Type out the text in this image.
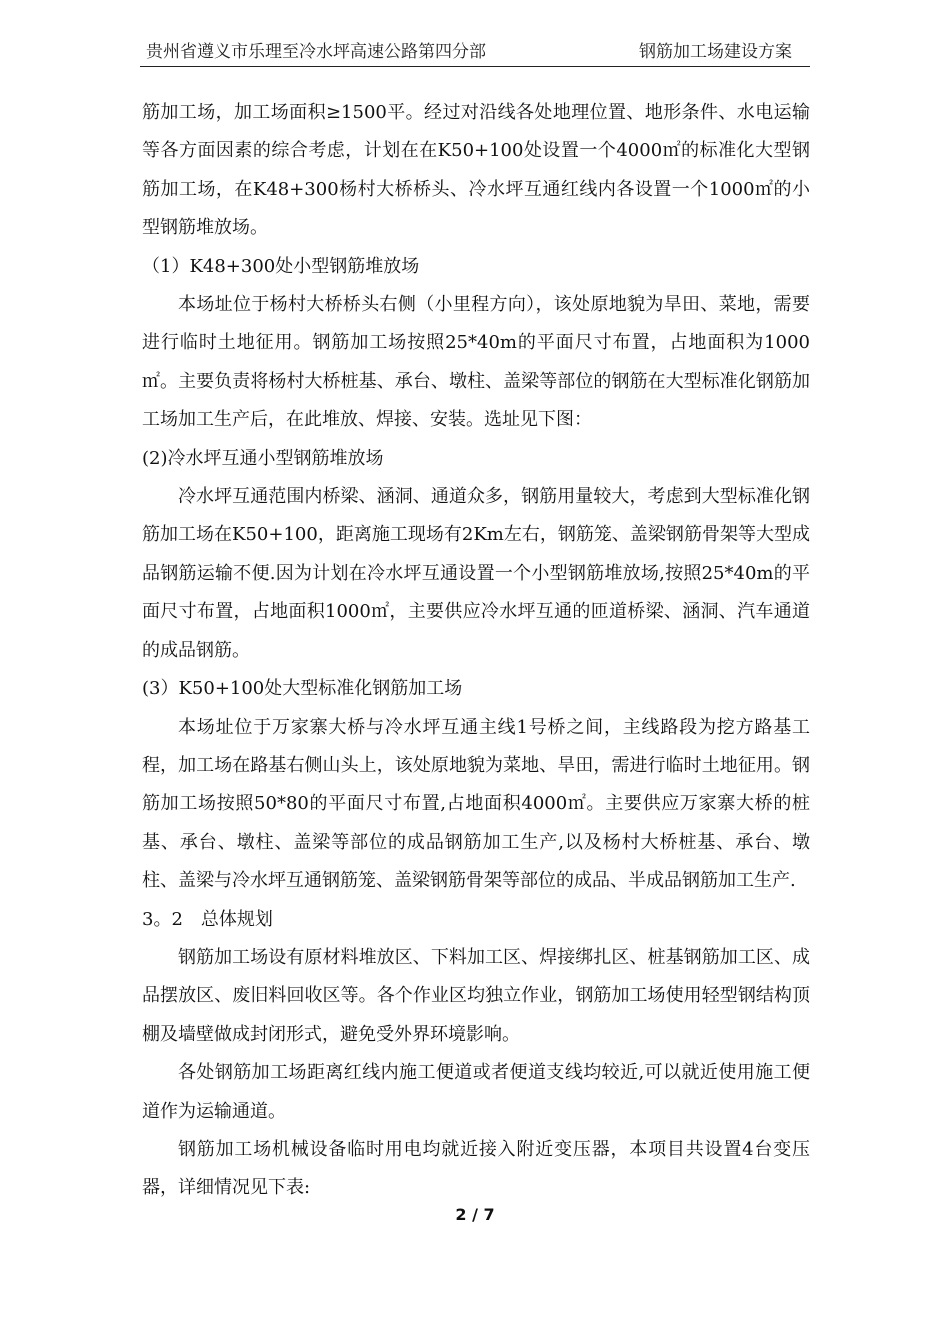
贵州省遵义市乐理至冷水坪高速公路第四分部	钢筋加工场建设方案

筋加工场，加工场面积≥1500平。经过对沿线各处地理位置、地形条件、水电运输等各方面因素的综合考虑，计划在在K50+100处设置一个4000㎡的标准化大型钢筋加工场，在K48+300杨村大桥桥头、冷水坪互通红线内各设置一个1000㎡的小型钢筋堆放场。

（1）K48+300处小型钢筋堆放场

本场址位于杨村大桥桥头右侧（小里程方向），该处原地貌为旱田、菜地，需要进行临时土地征用。钢筋加工场按照25*40m的平面尺寸布置，占地面积为1000㎡。主要负责将杨村大桥桩基、承台、墩柱、盖梁等部位的钢筋在大型标准化钢筋加工场加工生产后，在此堆放、焊接、安装。选址见下图：

(2)冷水坪互通小型钢筋堆放场

冷水坪互通范围内桥梁、涵洞、通道众多，钢筋用量较大，考虑到大型标准化钢筋加工场在K50+100，距离施工现场有2Km左右，钢筋笼、盖梁钢筋骨架等大型成品钢筋运输不便.因为计划在冷水坪互通设置一个小型钢筋堆放场,按照25*40m的平面尺寸布置，占地面积1000㎡，主要供应冷水坪互通的匝道桥梁、涵洞、汽车通道的成品钢筋。

(3）K50+100处大型标准化钢筋加工场

本场址位于万家寨大桥与冷水坪互通主线1号桥之间，主线路段为挖方路基工程，加工场在路基右侧山头上，该处原地貌为菜地、旱田，需进行临时土地征用。钢筋加工场按照50*80的平面尺寸布置,占地面积4000㎡。主要供应万家寨大桥的桩基、承台、墩柱、盖梁等部位的成品钢筋加工生产,以及杨村大桥桩基、承台、墩柱、盖梁与冷水坪互通钢筋笼、盖梁钢筋骨架等部位的成品、半成品钢筋加工生产.

3。2　总体规划

钢筋加工场设有原材料堆放区、下料加工区、焊接绑扎区、桩基钢筋加工区、成品摆放区、废旧料回收区等。各个作业区均独立作业，钢筋加工场使用轻型钢结构顶棚及墙壁做成封闭形式，避免受外界环境影响。

各处钢筋加工场距离红线内施工便道或者便道支线均较近,可以就近使用施工便道作为运输通道。

钢筋加工场机械设备临时用电均就近接入附近变压器，本项目共设置4台变压器，详细情况见下表:

2 / 7
